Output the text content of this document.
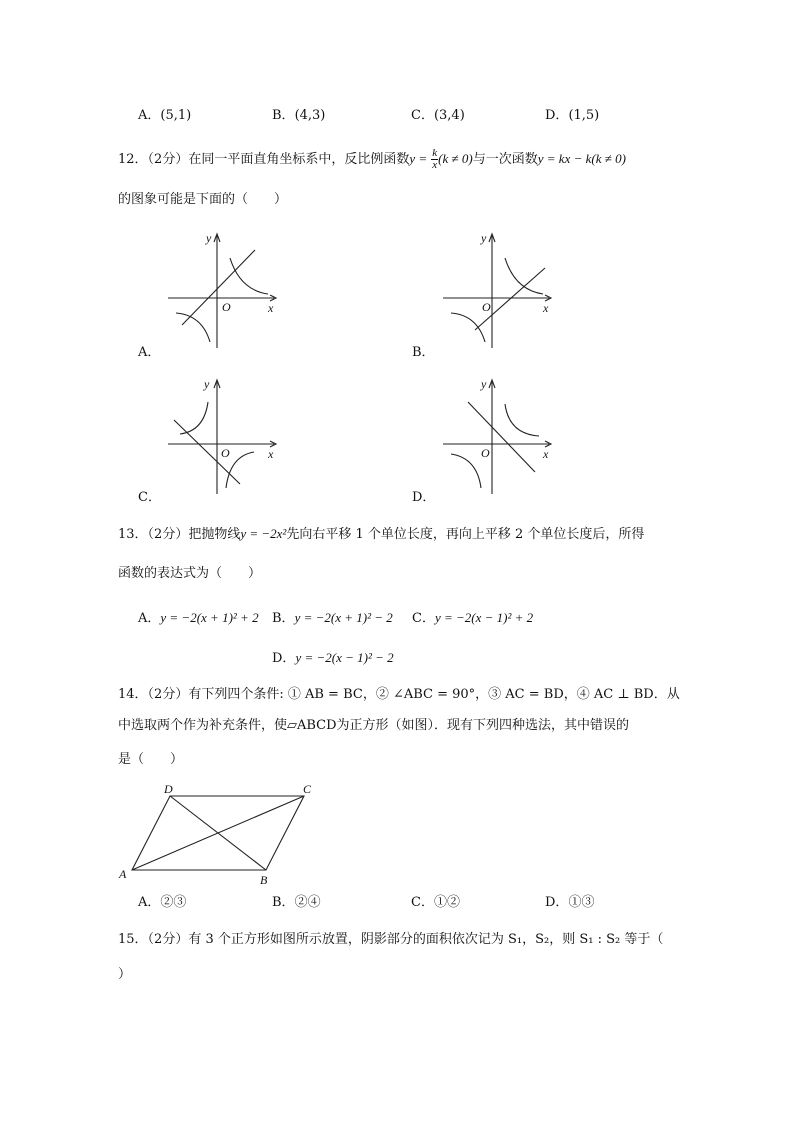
A．(5,1)	B．(4,3)	C．(3,4)	D．(1,5)
12．（2分）在同一平面直角坐标系中，反比例函数$y = \frac{k}{x} (k \ne 0)$与一次函数y = kx − k(k ≠ 0)
的图象可能是下面的（　　）
y
x
O
A．
y
x
O
B．
y
x
O
C．
y
x
O
D．
13．（2分）把抛物线y = −2x²先向右平移 1 个单位长度，再向上平移 2 个单位长度后，所得
函数的表达式为（　　）
A．y = −2(x + 1)² + 2 B．y = −2(x + 1)² − 2 C．y = −2(x − 1)² + 2
D．y = −2(x − 1)² − 2
14．（2分）有下列四个条件: ① AB = BC，② ∠ABC = 90°，③ AC = BD，④ AC ⊥ BD．从
中选取两个作为补充条件，使▱ABCD为正方形（如图）．现有下列四种选法，其中错误的
是（　　）
A	B
C
D
A．②③	B．②④	C．①②	D．①③
15．（2分）有 3 个正方形如图所示放置，阴影部分的面积依次记为 S₁，S₂，则 S₁ : S₂ 等于（
）
